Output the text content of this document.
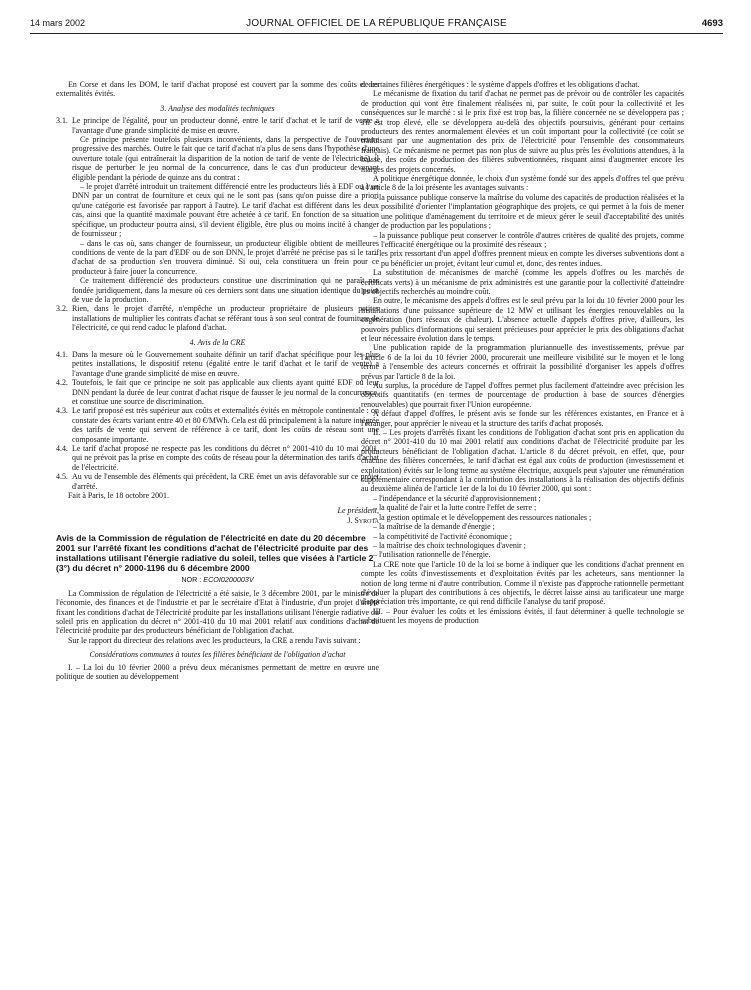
14 mars 2002	JOURNAL OFFICIEL DE LA RÉPUBLIQUE FRANÇAISE	4693

En Corse et dans les DOM, le tarif d'achat proposé est couvert par la somme des coûts et des externalités évités.

3. Analyse des modalités techniques

3.1. Le principe de l'égalité, pour un producteur donné, entre le tarif d'achat et le tarif de vente a l'avantage d'une grande simplicité de mise en œuvre.

Ce principe présente toutefois plusieurs inconvénients, dans la perspective de l'ouverture progressive des marchés. Outre le fait que ce tarif d'achat n'a plus de sens dans l'hypothèse d'une ouverture totale (qui entraînerait la disparition de la notion de tarif de vente de l'électricité), il risque de perturber le jeu normal de la concurrence, dans le cas d'un producteur devenant éligible pendant la période de quinze ans du contrat :

– le projet d'arrêté introduit un traitement différencié entre les producteurs liés à EDF ou à un DNN par un contrat de fourniture et ceux qui ne le sont pas (sans qu'on puisse dire a priori qu'une catégorie est favorisée par rapport à l'autre). Le tarif d'achat est différent dans les deux cas, ainsi que la quantité maximale pouvant être achetée à ce tarif. En fonction de sa situation spécifique, un producteur pourra ainsi, s'il devient éligible, être plus ou moins incité à changer de fournisseur ;

– dans le cas où, sans changer de fournisseur, un producteur éligible obtient de meilleures conditions de vente de la part d'EDF ou de son DNN, le projet d'arrêté ne précise pas si le tarif d'achat de sa production s'en trouvera diminué. Si oui, cela constituera un frein pour ce producteur à faire jouer la concurrence.

Ce traitement différencié des producteurs constitue une discrimination qui ne paraît pas fondée juridiquement, dans la mesure où ces derniers sont dans une situation identique du point de vue de la production.

3.2. Rien, dans le projet d'arrêté, n'empêche un producteur propriétaire de plusieurs petites installations de multiplier les contrats d'achat se référant tous à son seul contrat de fourniture de l'électricité, ce qui rend caduc le plafond d'achat.

4. Avis de la CRE

4.1. Dans la mesure où le Gouvernement souhaite définir un tarif d'achat spécifique pour les plus petites installations, le dispositif retenu (égalité entre le tarif d'achat et le tarif de vente) a l'avantage d'une grande simplicité de mise en œuvre.

4.2. Toutefois, le fait que ce principe ne soit pas applicable aux clients ayant quitté EDF ou leur DNN pendant la durée de leur contrat d'achat risque de fausser le jeu normal de la concurrence, et constitue une source de discrimination.

4.3. Le tarif proposé est très supérieur aux coûts et externalités évités en métropole continentale : on constate des écarts variant entre 40 et 80 €/MWh. Cela est dû principalement à la nature intégrée des tarifs de vente qui servent de référence à ce tarif, dont les coûts de réseau sont une composante importante.

4.4. Le tarif d'achat proposé ne respecte pas les conditions du décret n° 2001-410 du 10 mai 2001, qui ne prévoit pas la prise en compte des coûts de réseau pour la détermination des tarifs d'achat de l'électricité.

4.5. Au vu de l'ensemble des éléments qui précèdent, la CRE émet un avis défavorable sur ce projet d'arrêté.

Fait à Paris, le 18 octobre 2001.

Le président,

J. Syrota

Avis de la Commission de régulation de l'électricité en date du 20 décembre 2001 sur l'arrêté fixant les conditions d'achat de l'électricité produite par des installations utilisant l'énergie radiative du soleil, telles que visées à l'article 2 (3°) du décret n° 2000-1196 du 6 décembre 2000

NOR : ECOI0200003V

La Commission de régulation de l'électricité a été saisie, le 3 décembre 2001, par le ministre de l'économie, des finances et de l'industrie et par le secrétaire d'Etat à l'industrie, d'un projet d'arrêté fixant les conditions d'achat de l'électricité produite par les installations utilisant l'énergie radiative du soleil pris en application du décret n° 2001-410 du 10 mai 2001 relatif aux conditions d'achat de l'électricité produite par des producteurs bénéficiant de l'obligation d'achat.

Sur le rapport du directeur des relations avec les producteurs, la CRE a rendu l'avis suivant :

Considérations communes à toutes les filières bénéficiant de l'obligation d'achat

I. – La loi du 10 février 2000 a prévu deux mécanismes permettant de mettre en œuvre une politique de soutien au développement

de certaines filières énergétiques : le système d'appels d'offres et les obligations d'achat.

Le mécanisme de fixation du tarif d'achat ne permet pas de prévoir ou de contrôler les capacités de production qui vont être finalement réalisées ni, par suite, le coût pour la collectivité et les conséquences sur le marché : si le prix fixé est trop bas, la filière concernée ne se développera pas ; s'il est trop élevé, elle se développera au-delà des objectifs poursuivis, générant pour certains producteurs des rentes anormalement élevées et un coût important pour la collectivité (ce coût se traduisant par une augmentation des prix de l'électricité pour l'ensemble des consommateurs français). Ce mécanisme ne permet pas non plus de suivre au plus près les évolutions attendues, à la baisse, des coûts de production des filières subventionnées, risquant ainsi d'augmenter encore les marges des projets concernés.

A politique énergétique donnée, le choix d'un système fondé sur des appels d'offres tel que prévu à l'article 8 de la loi présente les avantages suivants :

– la puissance publique conserve la maîtrise du volume des capacités de production réalisées et la possibilité d'orienter l'implantation géographique des projets, ce qui permet à la fois de mener une politique d'aménagement du territoire et de mieux gérer le seuil d'acceptabilité des unités de production par les populations ;

– la puissance publique peut conserver le contrôle d'autres critères de qualité des projets, comme l'efficacité énergétique ou la proximité des réseaux ;

– les prix ressortant d'un appel d'offres prennent mieux en compte les diverses subventions dont a pu bénéficier un projet, évitant leur cumul et, donc, des rentes indues.

La substitution de mécanismes de marché (comme les appels d'offres ou les marchés de certificats verts) à un mécanisme de prix administrés est une garantie pour la collectivité d'atteindre les objectifs recherchés au moindre coût.

En outre, le mécanisme des appels d'offres est le seul prévu par la loi du 10 février 2000 pour les installations d'une puissance supérieure de 12 MW et utilisant les énergies renouvelables ou la cogénération (hors réseaux de chaleur). L'absence actuelle d'appels d'offres prive, d'ailleurs, les pouvoirs publics d'informations qui seraient précieuses pour apprécier le prix des obligations d'achat et leur nécessaire évolution dans le temps.

Une publication rapide de la programmation pluriannuelle des investissements, prévue par l'article 6 de la loi du 10 février 2000, procurerait une meilleure visibilité sur le moyen et le long terme à l'ensemble des acteurs concernés et offrirait la possibilité d'organiser les appels d'offres prévus par l'article 8 de la loi.

Au surplus, la procédure de l'appel d'offres permet plus facilement d'atteindre avec précision les objectifs quantitatifs (en termes de pourcentage de production à base de sources d'énergies renouvelables) que pourrait fixer l'Union européenne.

A défaut d'appel d'offres, le présent avis se fonde sur les références existantes, en France et à l'étranger, pour apprécier le niveau et la structure des tarifs d'achat proposés.

II. – Les projets d'arrêtés fixant les conditions de l'obligation d'achat sont pris en application du décret n° 2001-410 du 10 mai 2001 relatif aux conditions d'achat de l'électricité produite par les producteurs bénéficiant de l'obligation d'achat. L'article 8 du décret prévoit, en effet, que, pour chacune des filières concernées, le tarif d'achat est égal aux coûts de production (investissement et exploitation) évités sur le long terme au système électrique, auxquels peut s'ajouter une rémunération supplémentaire correspondant à la contribution des installations à la réalisation des objectifs définis au deuxième alinéa de l'article 1er de la loi du 10 février 2000, qui sont :

– l'indépendance et la sécurité d'approvisionnement ;

– la qualité de l'air et la lutte contre l'effet de serre ;

– la gestion optimale et le développement des ressources nationales ;

– la maîtrise de la demande d'énergie ;

– la compétitivité de l'activité économique ;

– la maîtrise des choix technologiques d'avenir ;

– l'utilisation rationnelle de l'énergie.

La CRE note que l'article 10 de la loi se borne à indiquer que les conditions d'achat prennent en compte les coûts d'investissements et d'exploitation évités par les acheteurs, sans mentionner la notion de long terme ni d'autre contribution. Comme il n'existe pas d'approche rationnelle permettant d'évaluer la plupart des contributions à ces objectifs, le décret laisse ainsi au tarificateur une marge d'appréciation très importante, ce qui rend difficile l'analyse du tarif proposé.

III. – Pour évaluer les coûts et les émissions évités, il faut déterminer à quelle technologie se substituent les moyens de production
